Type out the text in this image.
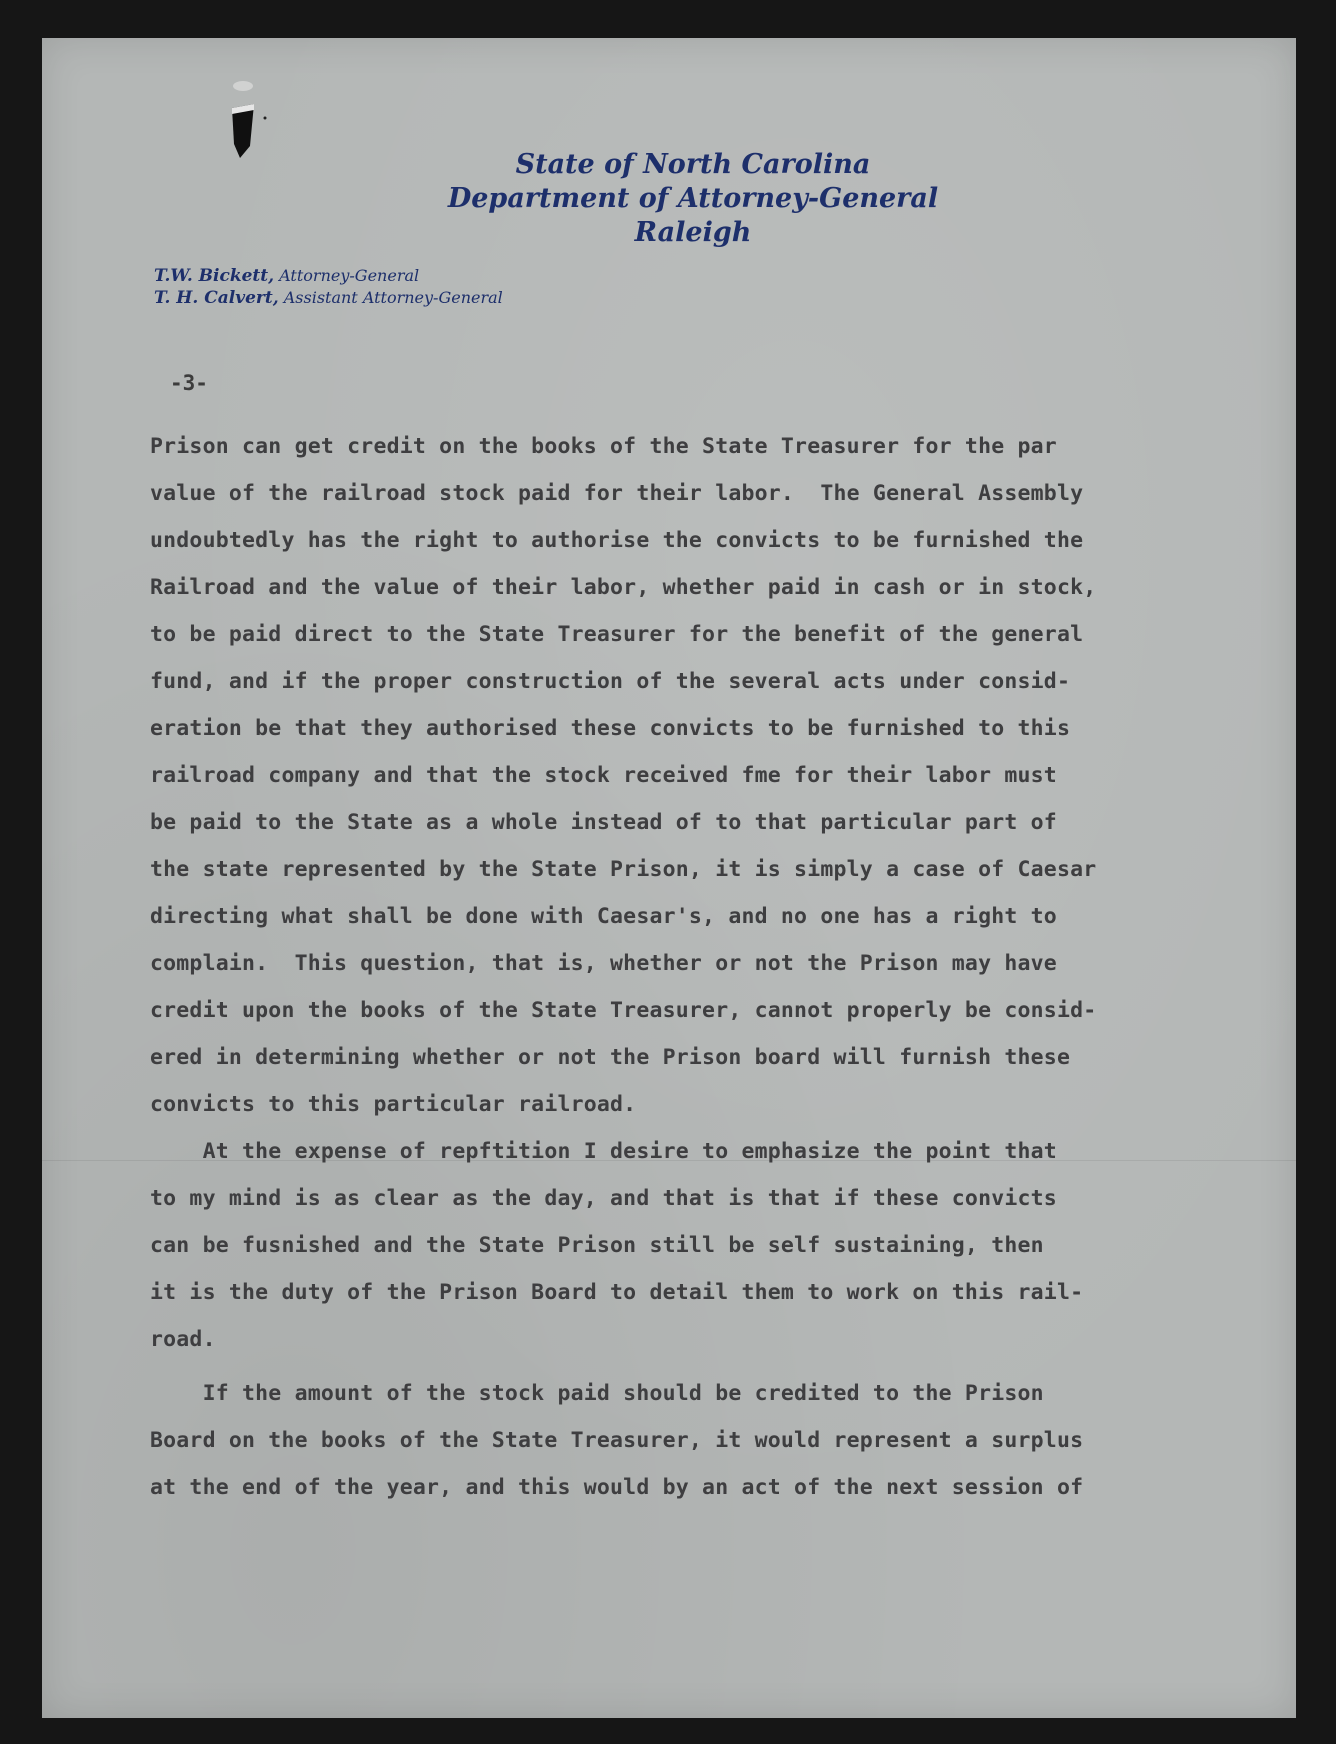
State of North Carolina
Department of Attorney-General
Raleigh
T.W. Bickett, Attorney-General
T. H. Calvert, Assistant Attorney-General
-3-
Prison can get credit on the books of the State Treasurer for the par
value of the railroad stock paid for their labor.  The General Assembly
undoubtedly has the right to authorise the convicts to be furnished the
Railroad and the value of their labor, whether paid in cash or in stock,
to be paid direct to the State Treasurer for the benefit of the general
fund, and if the proper construction of the several acts under consid-
eration be that they authorised these convicts to be furnished to this
railroad company and that the stock received fme for their labor must
be paid to the State as a whole instead of to that particular part of
the state represented by the State Prison, it is simply a case of Caesar
directing what shall be done with Caesar's, and no one has a right to
complain.  This question, that is, whether or not the Prison may have
credit upon the books of the State Treasurer, cannot properly be consid-
ered in determining whether or not the Prison board will furnish these
convicts to this particular railroad.
At the expense of repftition I desire to emphasize the point that
to my mind is as clear as the day, and that is that if these convicts
can be fusnished and the State Prison still be self sustaining, then
it is the duty of the Prison Board to detail them to work on this rail-
road.
If the amount of the stock paid should be credited to the Prison
Board on the books of the State Treasurer, it would represent a surplus
at the end of the year, and this would by an act of the next session of
